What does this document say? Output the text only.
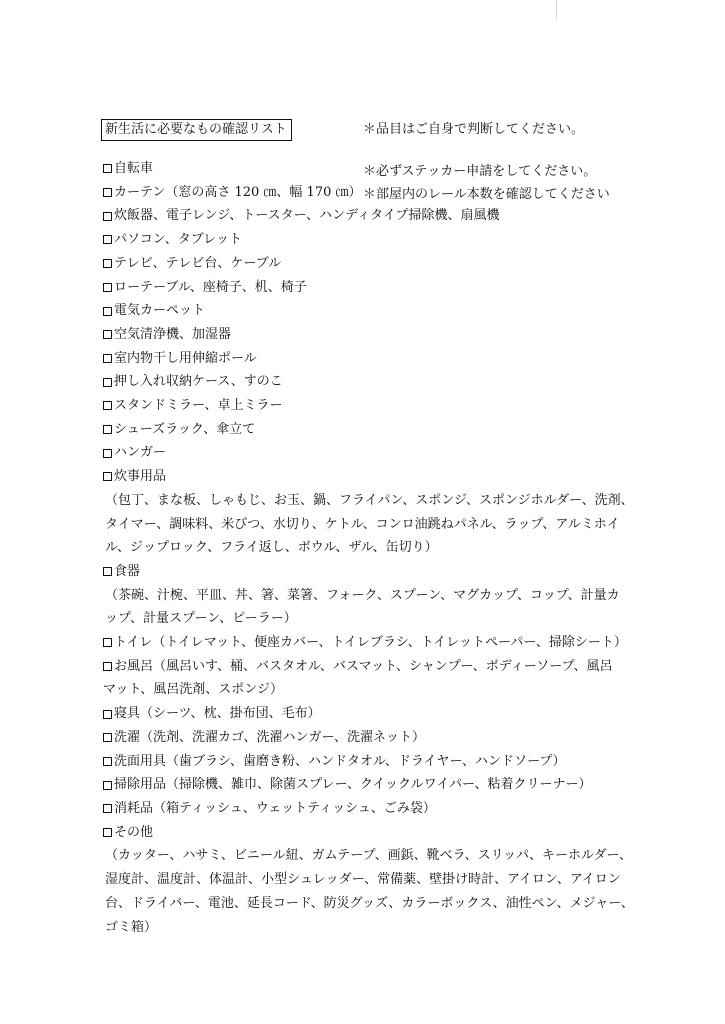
新生活に必要なもの確認リスト	＊品目はご自身で判断してください。
＊必ずステッカー申請をしてください。
＊部屋内のレール本数を確認してください
自転車
カーテン（窓の高さ 120 ㎝、幅 170 ㎝）
炊飯器、電子レンジ、トースター、ハンディタイプ掃除機、扇風機
パソコン、タブレット
テレビ、テレビ台、ケーブル
ローテーブル、座椅子、机、椅子
電気カーペット
空気清浄機、加湿器
室内物干し用伸縮ポール
押し入れ収納ケース、すのこ
スタンドミラー、卓上ミラー
シューズラック、傘立て
ハンガー
炊事用品
（包丁、まな板、しゃもじ、お玉、鍋、フライパン、スポンジ、スポンジホルダー、洗剤、
タイマー、調味料、米びつ、水切り、ケトル、コンロ油跳ねパネル、ラップ、アルミホイ
ル、ジップロック、フライ返し、ボウル、ザル、缶切り）
食器
（茶碗、汁椀、平皿、丼、箸、菜箸、フォーク、スプーン、マグカップ、コップ、計量カ
ップ、計量スプーン、ピーラー）
トイレ（トイレマット、便座カバー、トイレブラシ、トイレットペーパー、掃除シート）
お風呂（風呂いす、桶、バスタオル、バスマット、シャンプー、ボディーソープ、風呂
マット、風呂洗剤、スポンジ）
寝具（シーツ、枕、掛布団、毛布）
洗濯（洗剤、洗濯カゴ、洗濯ハンガー、洗濯ネット）
洗面用具（歯ブラシ、歯磨き粉、ハンドタオル、ドライヤー、ハンドソープ）
掃除用品（掃除機、雑巾、除菌スプレー、クイックルワイパー、粘着クリーナー）
消耗品（箱ティッシュ、ウェットティッシュ、ごみ袋）
その他
（カッター、ハサミ、ビニール紐、ガムテープ、画鋲、靴べラ、スリッパ、キーホルダー、
湿度計、温度計、体温計、小型シュレッダー、常備薬、壁掛け時計、アイロン、アイロン
台、ドライバー、電池、延長コード、防災グッズ、カラーボックス、油性ペン、メジャー、
ゴミ箱）
